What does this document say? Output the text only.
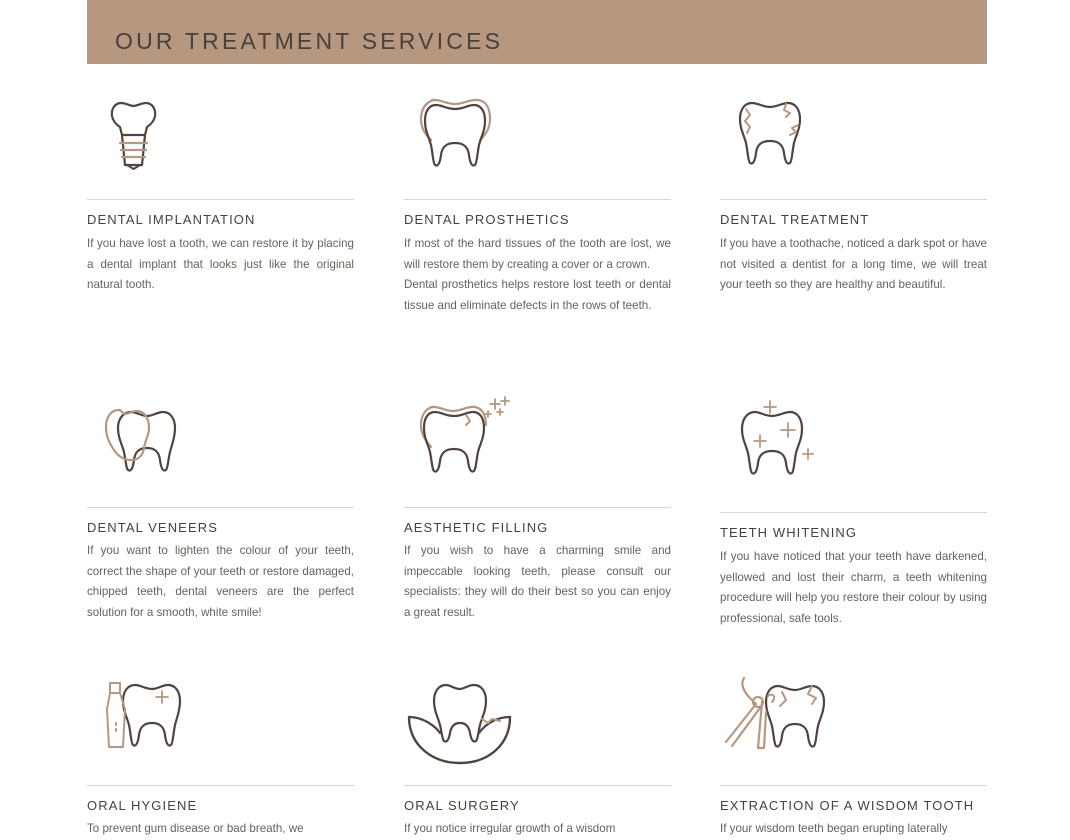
OUR TREATMENT SERVICES
DENTAL IMPLANTATION
If you have lost a tooth, we can restore it by placing a dental implant that looks just like the original natural tooth.
DENTAL PROSTHETICS
If most of the hard tissues of the tooth are lost, we will restore them by creating a cover or a crown.
Dental prosthetics helps restore lost teeth or dental tissue and eliminate defects in the rows of teeth.
DENTAL TREATMENT
If you have a toothache, noticed a dark spot or have not visited a dentist for a long time, we will treat your teeth so they are healthy and beautiful.
DENTAL VENEERS
If you want to lighten the colour of your teeth, correct the shape of your teeth or restore damaged, chipped teeth, dental veneers are the perfect solution for a smooth, white smile!
AESTHETIC FILLING
If you wish to have a charming smile and impeccable looking teeth, please consult our specialists: they will do their best so you can enjoy a great result.
TEETH WHITENING
If you have noticed that your teeth have darkened, yellowed and lost their charm, a teeth whitening procedure will help you restore their colour by using professional, safe tools.
ORAL HYGIENE
To prevent gum disease or bad breath, we
ORAL SURGERY
If you notice irregular growth of a wisdom
EXTRACTION OF A WISDOM TOOTH
If your wisdom teeth began erupting laterally
